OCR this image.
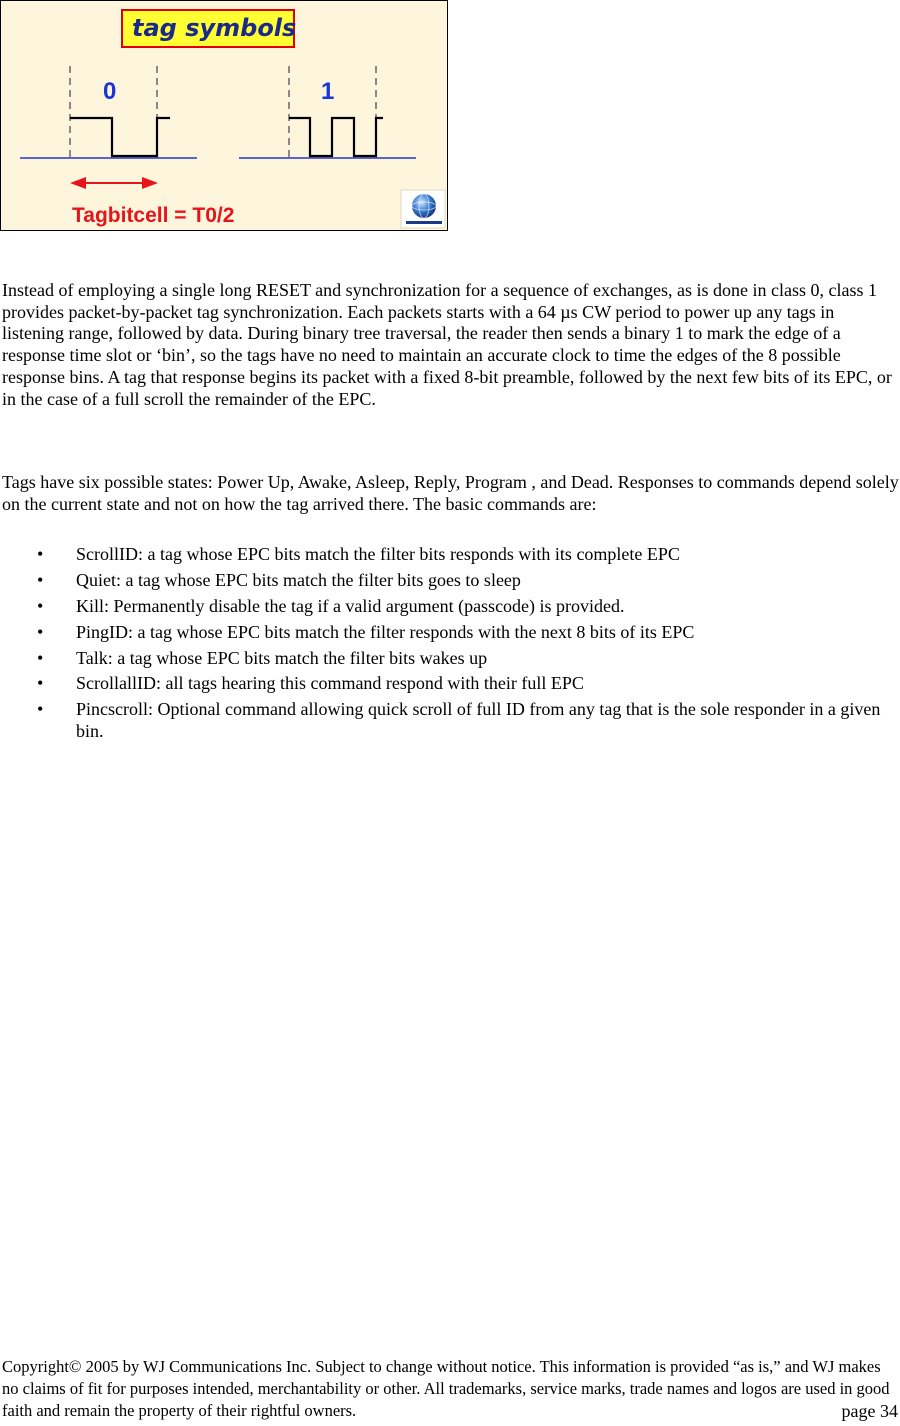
tag symbols
0	1
Tagbitcell = T0/2

Instead of employing a single long RESET and synchronization for a sequence of exchanges, as is done in class 0, class 1 provides packet-by-packet tag synchronization. Each packets starts with a 64 µs CW period to power up any tags in listening range, followed by data. During binary tree traversal, the reader then sends a binary 1 to mark the edge of a response time slot or ‘bin’, so the tags have no need to maintain an accurate clock to time the edges of the 8 possible response bins. A tag that response begins its packet with a fixed 8-bit preamble, followed by the next few bits of its EPC, or in the case of a full scroll the remainder of the EPC.

Tags have six possible states: Power Up, Awake, Asleep, Reply, Program , and Dead. Responses to commands depend solely on the current state and not on how the tag arrived there. The basic commands are:

• ScrollID: a tag whose EPC bits match the filter bits responds with its complete EPC
• Quiet: a tag whose EPC bits match the filter bits goes to sleep
• Kill: Permanently disable the tag if a valid argument (passcode) is provided.
• PingID: a tag whose EPC bits match the filter responds with the next 8 bits of its EPC
• Talk: a tag whose EPC bits match the filter bits wakes up
• ScrollallID: all tags hearing this command respond with their full EPC
• Pincscroll: Optional command allowing quick scroll of full ID from any tag that is the sole responder in a given bin.

Copyright© 2005 by WJ Communications Inc. Subject to change without notice. This information is provided “as is,” and WJ makes no claims of fit for purposes intended, merchantability or other. All trademarks, service marks, trade names and logos are used in good faith and remain the property of their rightful owners.	page 34
